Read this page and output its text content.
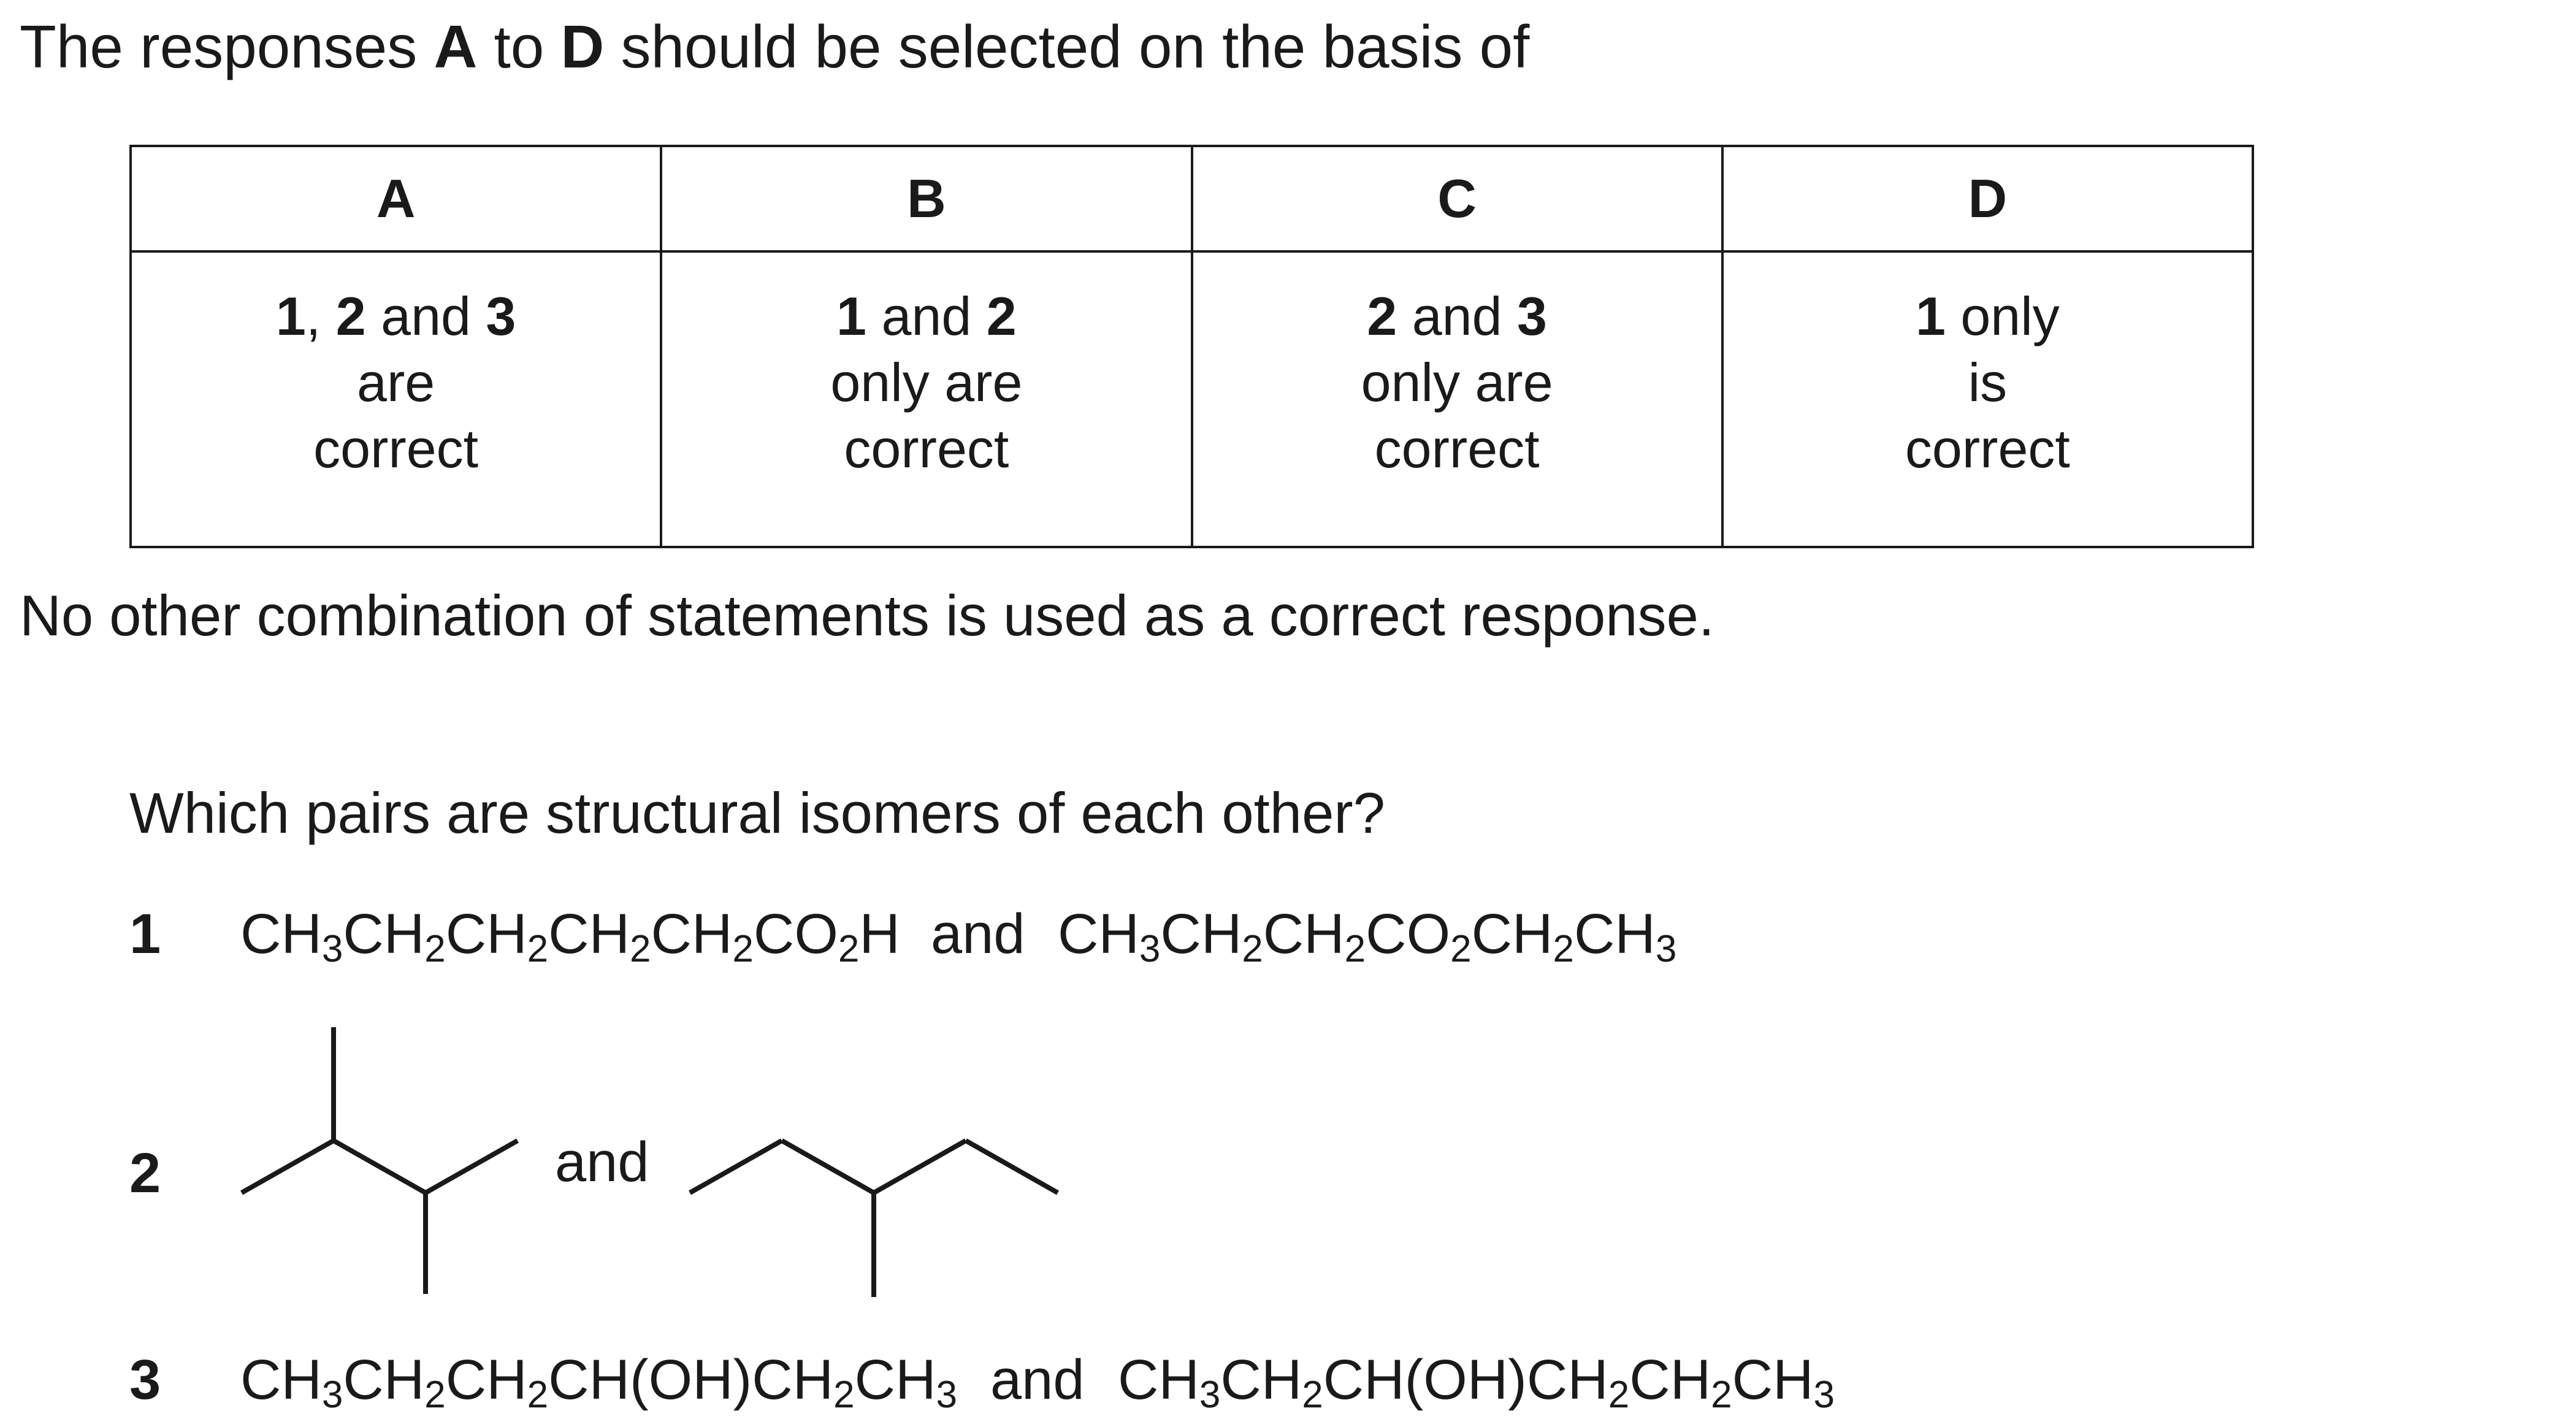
The responses A to D should be selected on the basis of
A	B	C	D

1, 2 and 3
are
correct	1 and 2
only are
correct	2 and 3
only are
correct	1 only
is
correct
No other combination of statements is used as a correct response.
Which pairs are structural isomers of each other?
1 $CH_3CH_2CH_2CH_2CH_2CO_2H$ and $CH_3CH_2CH_2CO_2CH_2CH_3$
2	and
3 $CH_3CH_2CH_2CH(OH)CH_2CH_3$ and $CH_3CH_2CH(OH)CH_2CH_2CH_3$
